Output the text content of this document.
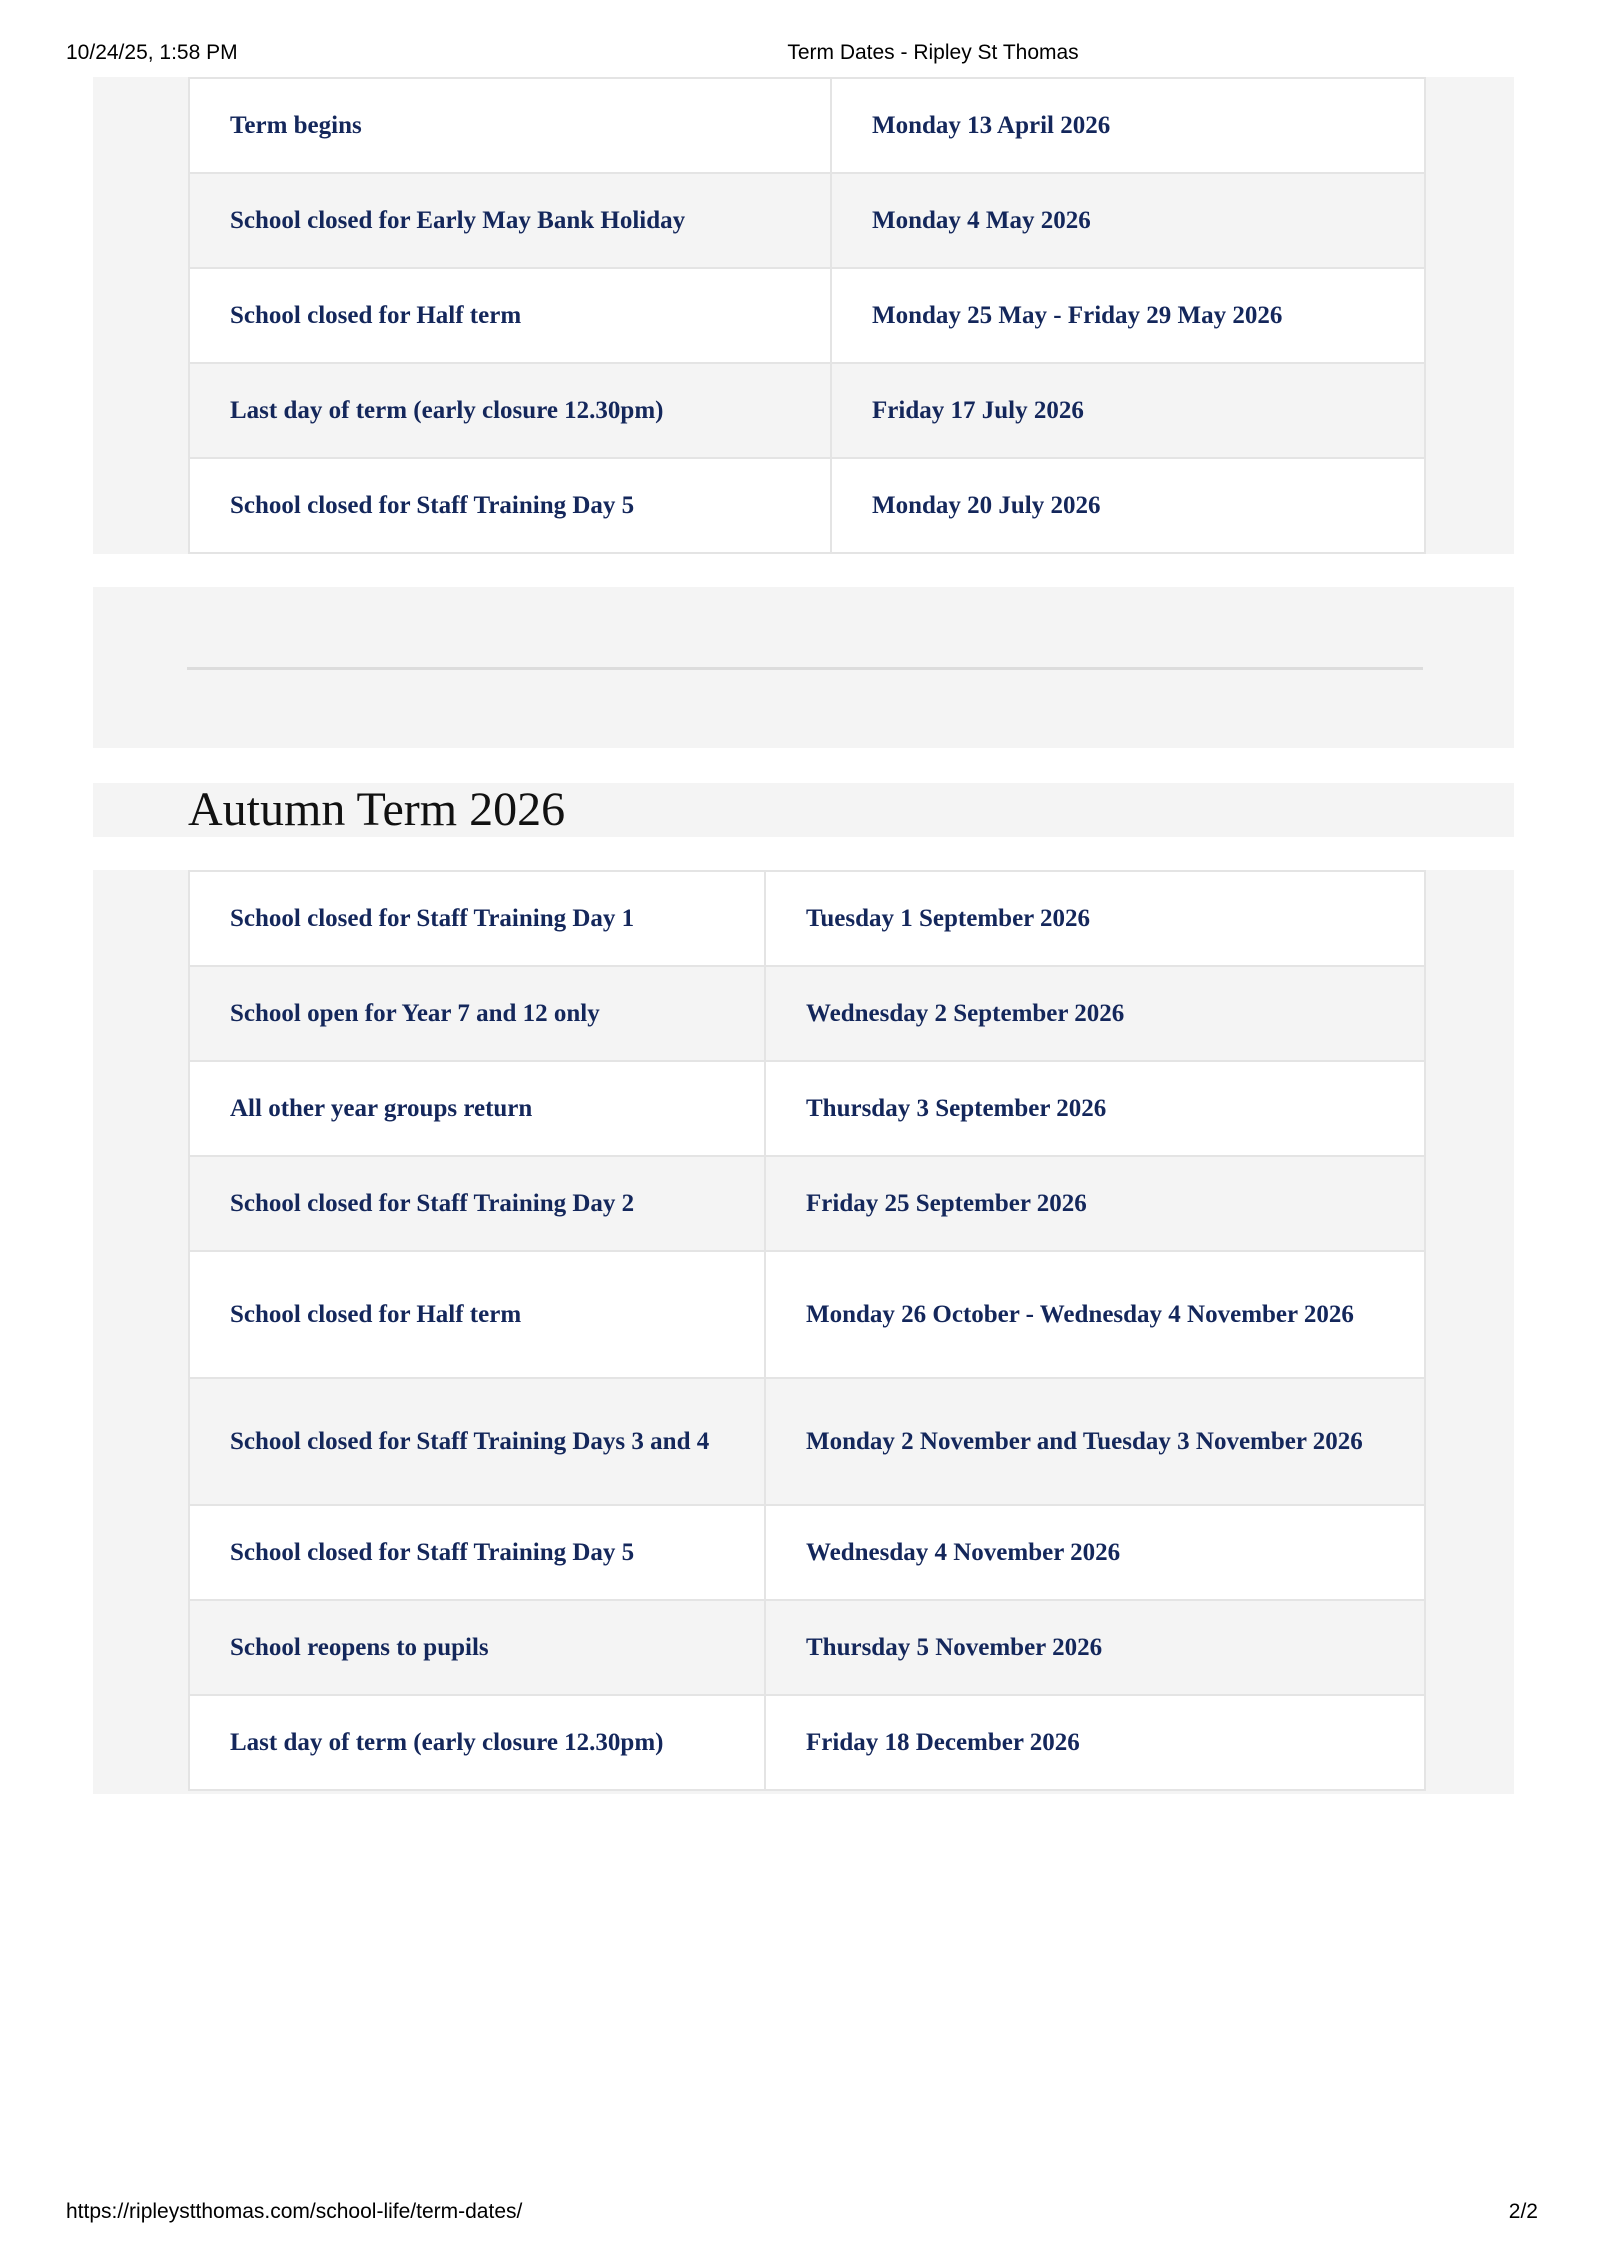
10/24/25, 1:58 PM	Term Dates - Ripley St Thomas
Term begins	Monday 13 April 2026
School closed for Early May Bank Holiday	Monday 4 May 2026
School closed for Half term	Monday 25 May - Friday 29 May 2026
Last day of term (early closure 12.30pm)	Friday 17 July 2026
School closed for Staff Training Day 5	Monday 20 July 2026
Autumn Term 2026
School closed for Staff Training Day 1	Tuesday 1 September 2026
School open for Year 7 and 12 only	Wednesday 2 September 2026
All other year groups return	Thursday 3 September 2026
School closed for Staff Training Day 2	Friday 25 September 2026
School closed for Half term	Monday 26 October - Wednesday 4 November 2026
School closed for Staff Training Days 3 and 4	Monday 2 November and Tuesday 3 November 2026
School closed for Staff Training Day 5	Wednesday 4 November 2026
School reopens to pupils	Thursday 5 November 2026
Last day of term (early closure 12.30pm)	Friday 18 December 2026
https://ripleystthomas.com/school-life/term-dates/	2/2
